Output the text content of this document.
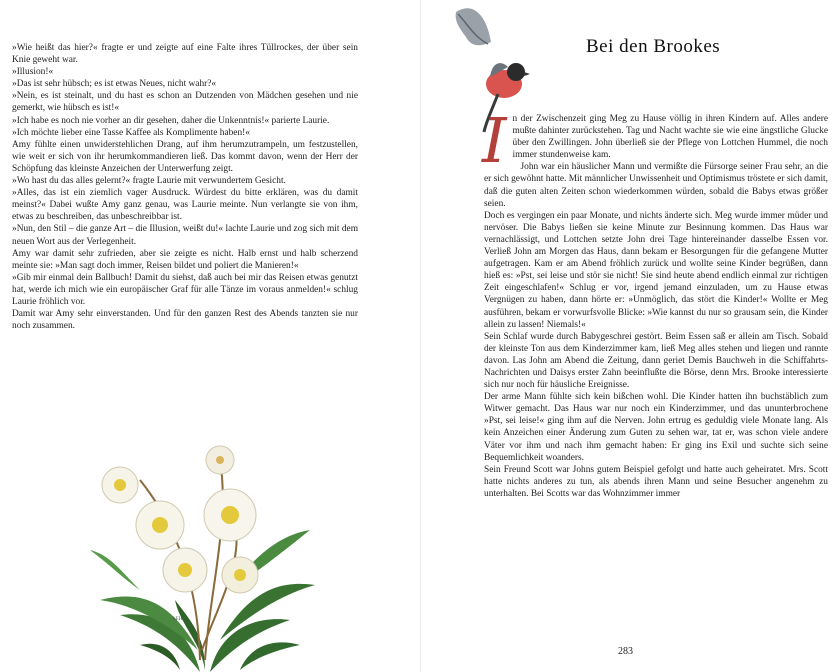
»Wie heißt das hier?« fragte er und zeigte auf eine Falte ihres Tüllrockes, der über sein Knie geweht war.

»Illusion!«

»Das ist sehr hübsch; es ist etwas Neues, nicht wahr?«

»Nein, es ist steinalt, und du hast es schon an Dutzenden von Mädchen gesehen und nie gemerkt, wie hübsch es ist!«

»Ich habe es noch nie vorher an dir gesehen, daher die Unkenntnis!« parierte Laurie.

»Ich möchte lieber eine Tasse Kaffee als Komplimente haben!«

Amy fühlte einen unwiderstehlichen Drang, auf ihm herumzutrampeln, um festzustellen, wie weit er sich von ihr herumkommandieren ließ. Das kommt davon, wenn der Herr der Schöpfung das kleinste Anzeichen der Unterwerfung zeigt.

»Wo hast du das alles gelernt?« fragte Laurie mit verwundertem Gesicht.

»Alles, das ist ein ziemlich vager Ausdruck. Würdest du bitte erklären, was du damit meinst?« Dabei wußte Amy ganz genau, was Laurie meinte. Nun verlangte sie von ihm, etwas zu beschreiben, das unbeschreibbar ist.

»Nun, den Stil – die ganze Art – die Illusion, weißt du!« lachte Laurie und zog sich mit dem neuen Wort aus der Verlegenheit.

Amy war damit sehr zufrieden, aber sie zeigte es nicht. Halb ernst und halb scherzend meinte sie: »Man sagt doch immer, Reisen bildet und poliert die Manieren!«

»Gib mir einmal dein Ballbuch! Damit du siehst, daß auch bei mir das Reisen etwas genutzt hat, werde ich mich wie ein europäischer Graf für alle Tänze im voraus anmelden!« schlug Laurie fröhlich vor.

Damit war Amy sehr einverstanden. Und für den ganzen Rest des Abends tanzten sie nur noch zusammen.

AEH
Bei den Brookes

In der Zwischenzeit ging Meg zu Hause völlig in ihren Kindern auf. Alles andere mußte dahinter zurückstehen. Tag und Nacht wachte sie wie eine ängstliche Glucke über den Zwillingen. John überließ sie der Pflege von Lottchen Hummel, die noch immer stundenweise kam.

John war ein häuslicher Mann und vermißte die Fürsorge seiner Frau sehr, an die er sich gewöhnt hatte. Mit männlicher Unwissenheit und Optimismus tröstete er sich damit, daß die guten alten Zeiten schon wiederkommen würden, sobald die Babys etwas größer seien.

Doch es vergingen ein paar Monate, und nichts änderte sich. Meg wurde immer müder und nervöser. Die Babys ließen sie keine Minute zur Besinnung kommen. Das Haus war vernachlässigt, und Lottchen setzte John drei Tage hintereinander dasselbe Essen vor. Verließ John am Morgen das Haus, dann bekam er Besorgungen für die gefangene Mutter aufgetragen. Kam er am Abend fröhlich zurück und wollte seine Kinder begrüßen, dann hieß es: »Pst, sei leise und stör sie nicht! Sie sind heute abend endlich einmal zur richtigen Zeit eingeschlafen!« Schlug er vor, irgend jemand einzuladen, um zu Hause etwas Vergnügen zu haben, dann hörte er: »Unmöglich, das stört die Kinder!« Wollte er Meg ausführen, bekam er vorwurfsvolle Blicke: »Wie kannst du nur so grausam sein, die Kinder allein zu lassen! Niemals!«

Sein Schlaf wurde durch Babygeschrei gestört. Beim Essen saß er allein am Tisch. Sobald der kleinste Ton aus dem Kinderzimmer kam, ließ Meg alles stehen und liegen und rannte davon. Las John am Abend die Zeitung, dann geriet Demis Bauchweh in die Schiffahrts-Nachrichten und Daisys erster Zahn beeinflußte die Börse, denn Mrs. Brooke interessierte sich nur noch für häusliche Ereignisse.

Der arme Mann fühlte sich kein bißchen wohl. Die Kinder hatten ihn buchstäblich zum Witwer gemacht. Das Haus war nur noch ein Kinderzimmer, und das ununterbrochene »Pst, sei leise!« ging ihm auf die Nerven. John ertrug es geduldig viele Monate lang. Als kein Anzeichen einer Änderung zum Guten zu sehen war, tat er, was schon viele andere Väter vor ihm und nach ihm gemacht haben: Er ging ins Exil und suchte sich seine Bequemlichkeit woanders.

Sein Freund Scott war Johns gutem Beispiel gefolgt und hatte auch geheiratet. Mrs. Scott hatte nichts anderes zu tun, als abends ihren Mann und seine Besucher angenehm zu unterhalten. Bei Scotts war das Wohnzimmer immer

283
